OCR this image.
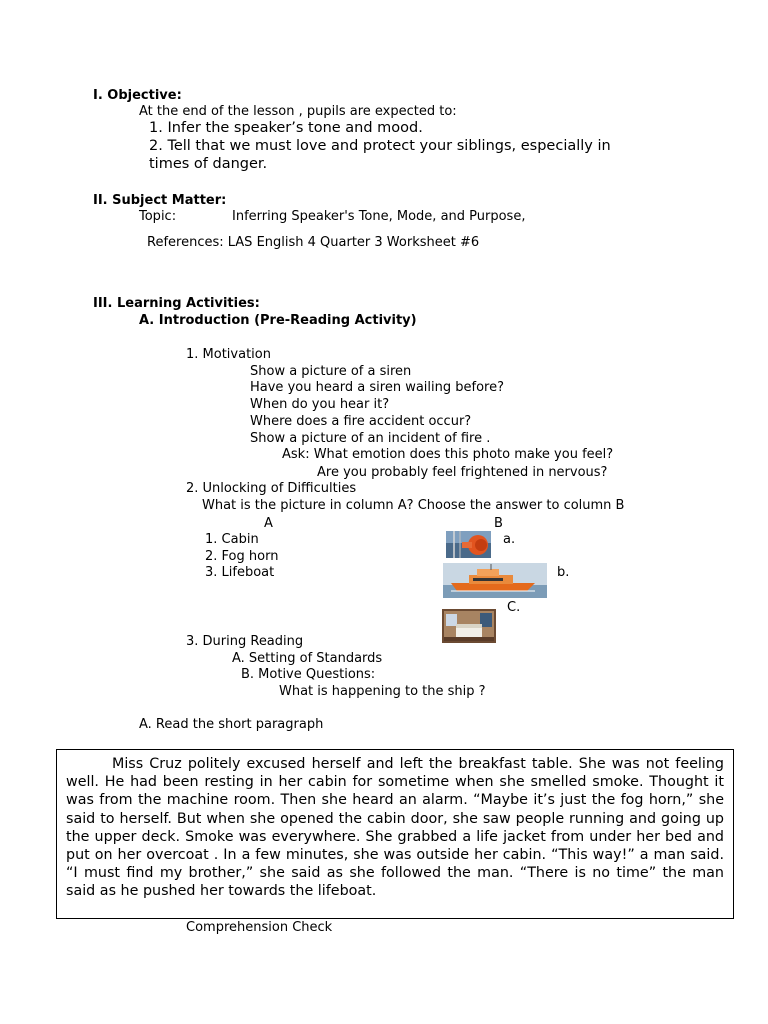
I. Objective:
At the end of the lesson , pupils are expected to:
1. Infer the speaker’s tone and mood.
2. Tell that we must love and protect your siblings, especially in
times of danger.
II. Subject Matter:
Topic:	Inferring Speaker's Tone, Mode, and Purpose,
References: LAS English 4 Quarter 3 Worksheet #6
III. Learning Activities:
A. Introduction (Pre-Reading Activity)
1. Motivation
Show a picture of a siren
Have you heard a siren wailing before?
When do you hear it?
Where does a fire accident occur?
Show a picture of an incident of fire .
Ask: What emotion does this photo make you feel?
Are you probably feel frightened in nervous?
2. Unlocking of Difficulties
What is the picture in column A? Choose the answer to column B
A	B
1. Cabin
2. Fog horn
3. Lifeboat
a.
b.
C.
3. During Reading
A. Setting of Standards
B. Motive Questions:
What is happening to the ship ?
A. Read the short paragraph

Miss Cruz politely excused herself and left the breakfast table. She was not feeling well. He had been resting in her cabin for sometime when she smelled smoke. Thought it was from the machine room. Then she heard an alarm. “Maybe it’s just the fog horn,” she said to herself. But when she opened the cabin door, she saw people running and going up the upper deck. Smoke was everywhere. She grabbed a life jacket from under her bed and put on her overcoat . In a few minutes, she was outside her cabin. “This way!” a man said. “I must find my brother,” she said as she followed the man. “There is no time” the man said as he pushed her towards the lifeboat.

Comprehension Check
